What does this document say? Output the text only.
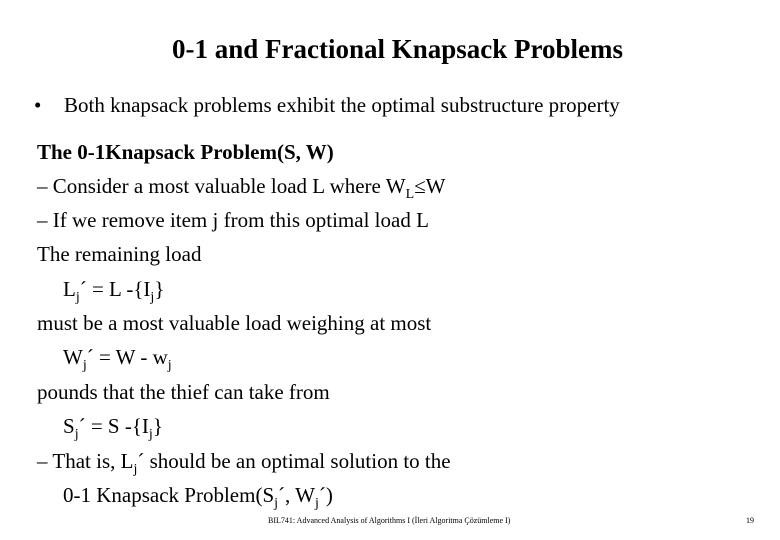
0-1 and Fractional Knapsack Problems
• Both knapsack problems exhibit the optimal substructure property
The 0-1Knapsack Problem(S, W)
– Consider a most valuable load L where $W_L\le W$
– If we remove item j from this optimal load L
The remaining load
$L_j´ = L$ $-\{I_j\}$
must be a most valuable load weighing at most
$W_j´ = W - w_j$
pounds that the thief can take from
$S_j´ = S$ $-\{I_j\}$
– That is, $L_j´$ should be an optimal solution to the
0-1 Knapsack $Problem(S_j´$, $W_j´$)
BIL741: Advanced Analysis of Algorithms I (İleri Algoritma Çözümleme I)	19
